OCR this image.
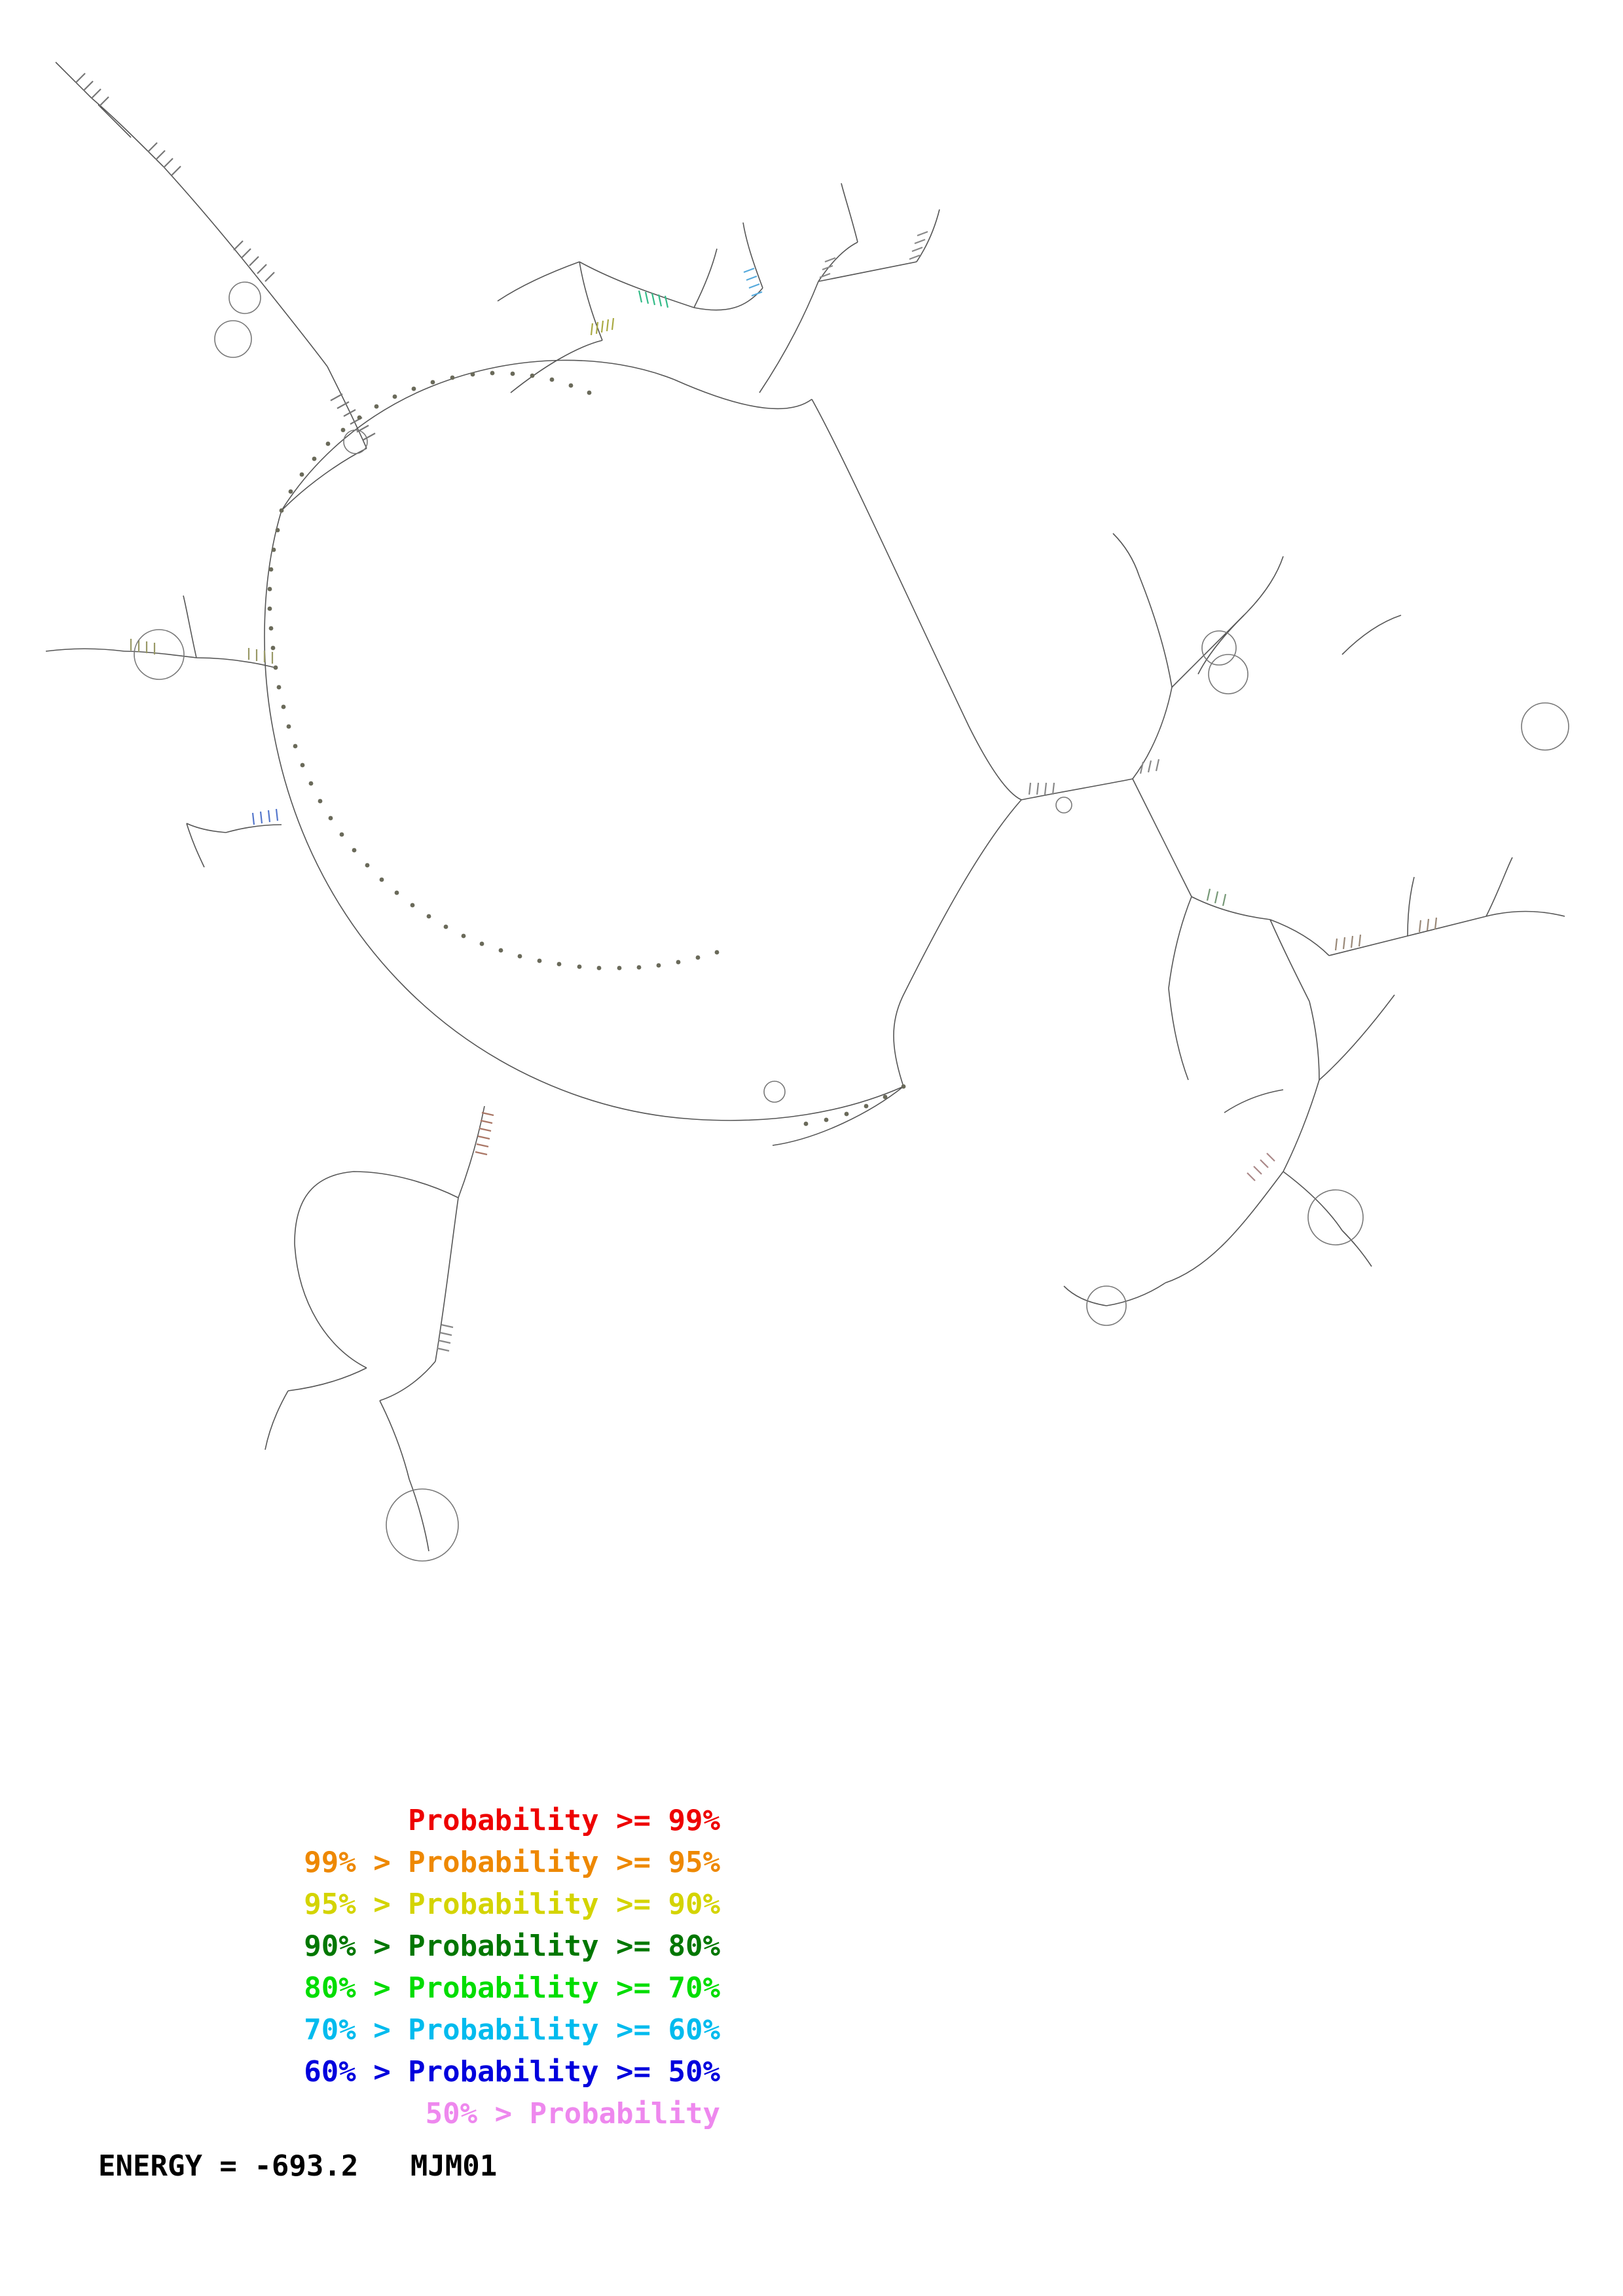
Probability >= 99%
99% > Probability >= 95%
95% > Probability >= 90%
90% > Probability >= 80%
80% > Probability >= 70%
70% > Probability >= 60%
60% > Probability >= 50%
50% > Probability
ENERGY = -693.2   MJM01
